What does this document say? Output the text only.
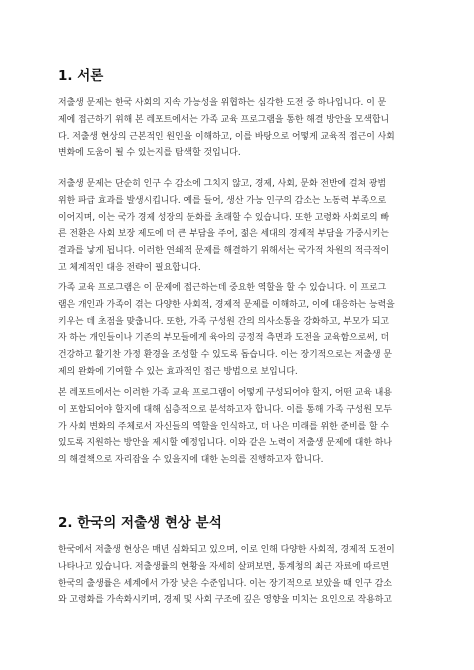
1. 서론
저출생 문제는 한국 사회의 지속 가능성을 위협하는 심각한 도전 중 하나입니다. 이 문
제에 접근하기 위해 본 레포트에서는 가족 교육 프로그램을 통한 해결 방안을 모색합니
다. 저출생 현상의 근본적인 원인을 이해하고, 이를 바탕으로 어떻게 교육적 접근이 사회
변화에 도움이 될 수 있는지를 탐색할 것입니다.
저출생 문제는 단순히 인구 수 감소에 그치지 않고, 경제, 사회, 문화 전반에 걸쳐 광범
위한 파급 효과를 발생시킵니다. 예를 들어, 생산 가능 인구의 감소는 노동력 부족으로
이어지며, 이는 국가 경제 성장의 둔화를 초래할 수 있습니다. 또한 고령화 사회로의 빠
른 전환은 사회 보장 제도에 더 큰 부담을 주어, 젊은 세대의 경제적 부담을 가중시키는
결과를 낳게 됩니다. 이러한 연쇄적 문제를 해결하기 위해서는 국가적 차원의 적극적이
고 체계적인 대응 전략이 필요합니다.
가족 교육 프로그램은 이 문제에 접근하는데 중요한 역할을 할 수 있습니다. 이 프로그
램은 개인과 가족이 겪는 다양한 사회적, 경제적 문제를 이해하고, 이에 대응하는 능력을
키우는 데 초점을 맞춥니다. 또한, 가족 구성원 간의 의사소통을 강화하고, 부모가 되고
자 하는 개인들이나 기존의 부모들에게 육아의 긍정적 측면과 도전을 교육함으로써, 더
건강하고 활기찬 가정 환경을 조성할 수 있도록 돕습니다. 이는 장기적으로는 저출생 문
제의 완화에 기여할 수 있는 효과적인 접근 방법으로 보입니다.
본 레포트에서는 이러한 가족 교육 프로그램이 어떻게 구성되어야 할지, 어떤 교육 내용
이 포함되어야 할지에 대해 심층적으로 분석하고자 합니다. 이를 통해 가족 구성원 모두
가 사회 변화의 주체로서 자신들의 역할을 인식하고, 더 나은 미래를 위한 준비를 할 수
있도록 지원하는 방안을 제시할 예정입니다. 이와 같은 노력이 저출생 문제에 대한 하나
의 해결책으로 자리잡을 수 있을지에 대한 논의를 진행하고자 합니다.
2. 한국의 저출생 현상 분석
한국에서 저출생 현상은 매년 심화되고 있으며, 이로 인해 다양한 사회적, 경제적 도전이
나타나고 있습니다. 저출생률의 현황을 자세히 살펴보면, 통계청의 최근 자료에 따르면
한국의 출생률은 세계에서 가장 낮은 수준입니다. 이는 장기적으로 보았을 때 인구 감소
와 고령화를 가속화시키며, 경제 및 사회 구조에 깊은 영향을 미치는 요인으로 작용하고
